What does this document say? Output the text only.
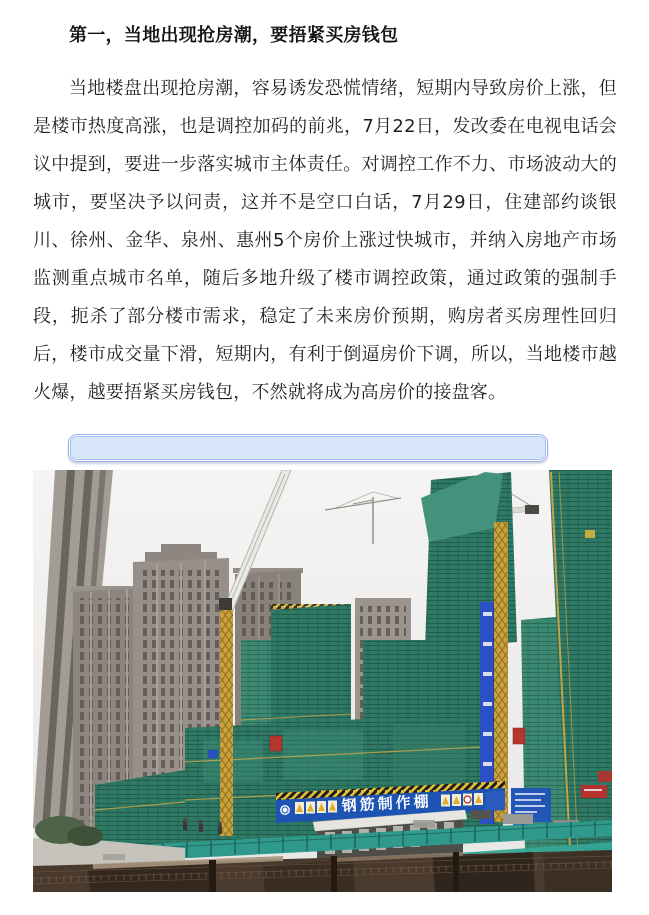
第一，当地出现抢房潮，要捂紧买房钱包

当地楼盘出现抢房潮，容易诱发恐慌情绪，短期内导致房价上涨，但是楼市热度高涨，也是调控加码的前兆，7月22日，发改委在电视电话会议中提到，要进一步落实城市主体责任。对调控工作不力、市场波动大的城市，要坚决予以问责，这并不是空口白话，7月29日，住建部约谈银川、徐州、金华、泉州、惠州5个房价上涨过快城市，并纳入房地产市场监测重点城市名单，随后多地升级了楼市调控政策，通过政策的强制手段，扼杀了部分楼市需求，稳定了未来房价预期，购房者买房理性回归后，楼市成交量下滑，短期内，有利于倒逼房价下调，所以，当地楼市越火爆，越要捂紧买房钱包，不然就将成为高房价的接盘客。

钢筋制作棚
